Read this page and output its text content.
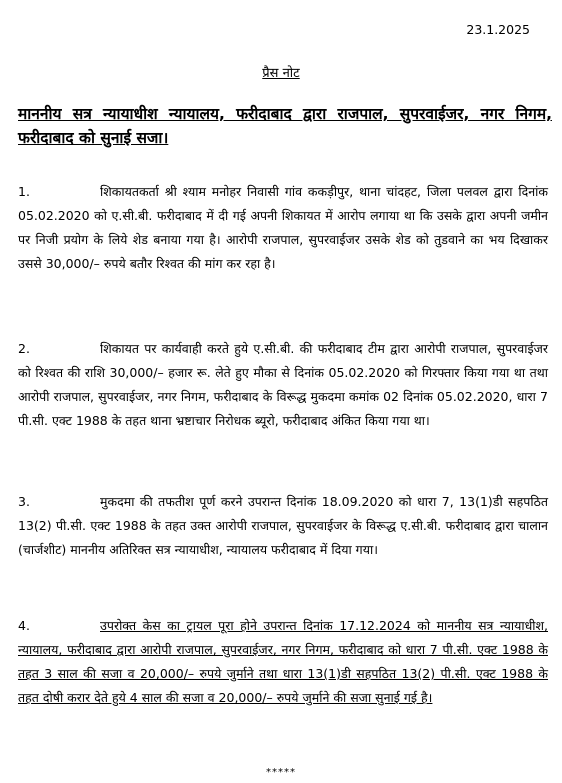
23.1.2025
प्रैस नोट
माननीय सत्र न्यायाधीश न्यायालय, फरीदाबाद द्वारा राजपाल, सुपरवाईजर, नगर निगम, फरीदाबाद को सुनाई सजा।
1.	शिकायतकर्ता श्री श्याम मनोहर निवासी गांव ककड़ीपुर, थाना चांदहट, जिला पलवल द्वारा दिनांक 05.02.2020 को ए.सी.बी. फरीदाबाद में दी गई अपनी शिकायत में आरोप लगाया था कि उसके द्वारा अपनी जमीन पर निजी प्रयोग के लिये शेड बनाया गया है। आरोपी राजपाल, सुपरवाईजर उसके शेड को तुडवाने का भय दिखाकर उससे 30,000/– रुपये बतौर रिश्वत की मांग कर रहा है।
2.	शिकायत पर कार्यवाही करते हुये ए.सी.बी. की फरीदाबाद टीम द्वारा आरोपी राजपाल, सुपरवाईजर को रिश्वत की राशि 30,000/– हजार रू. लेते हुए मौका से दिनांक 05.02.2020 को गिरफ्तार किया गया था तथा आरोपी राजपाल, सुपरवाईजर, नगर निगम, फरीदाबाद के विरूद्ध मुकदमा कमांक 02 दिनांक 05.02.2020, धारा 7 पी.सी. एक्ट 1988 के तहत थाना भ्रष्टाचार निरोधक ब्यूरो, फरीदाबाद अंकित किया गया था।
3.	मुकदमा की तफतीश पूर्ण करने उपरान्त दिनांक 18.09.2020 को धारा 7, 13(1)डी सहपठित 13(2) पी.सी. एक्ट 1988 के तहत उक्त आरोपी राजपाल, सुपरवाईजर के विरूद्ध ए.सी.बी. फरीदाबाद द्वारा चालान (चार्जशीट) माननीय अतिरिक्त सत्र न्यायाधीश, न्यायालय फरीदाबाद में दिया गया।
4.	उपरोक्त केस का ट्रायल पूरा होने उपरान्त दिनांक 17.12.2024 को माननीय सत्र न्यायाधीश, न्यायालय, फरीदाबाद द्वारा आरोपी राजपाल, सुपरवाईजर, नगर निगम, फरीदाबाद को धारा 7 पी.सी. एक्ट 1988 के तहत 3 साल की सजा व 20,000/– रुपये जुर्माने तथा धारा 13(1)डी सहपठित 13(2) पी.सी. एक्ट 1988 के तहत दोषी करार देते हुये 4 साल की सजा व 20,000/– रुपये जुर्माने की सजा सुनाई गई है।
*****
